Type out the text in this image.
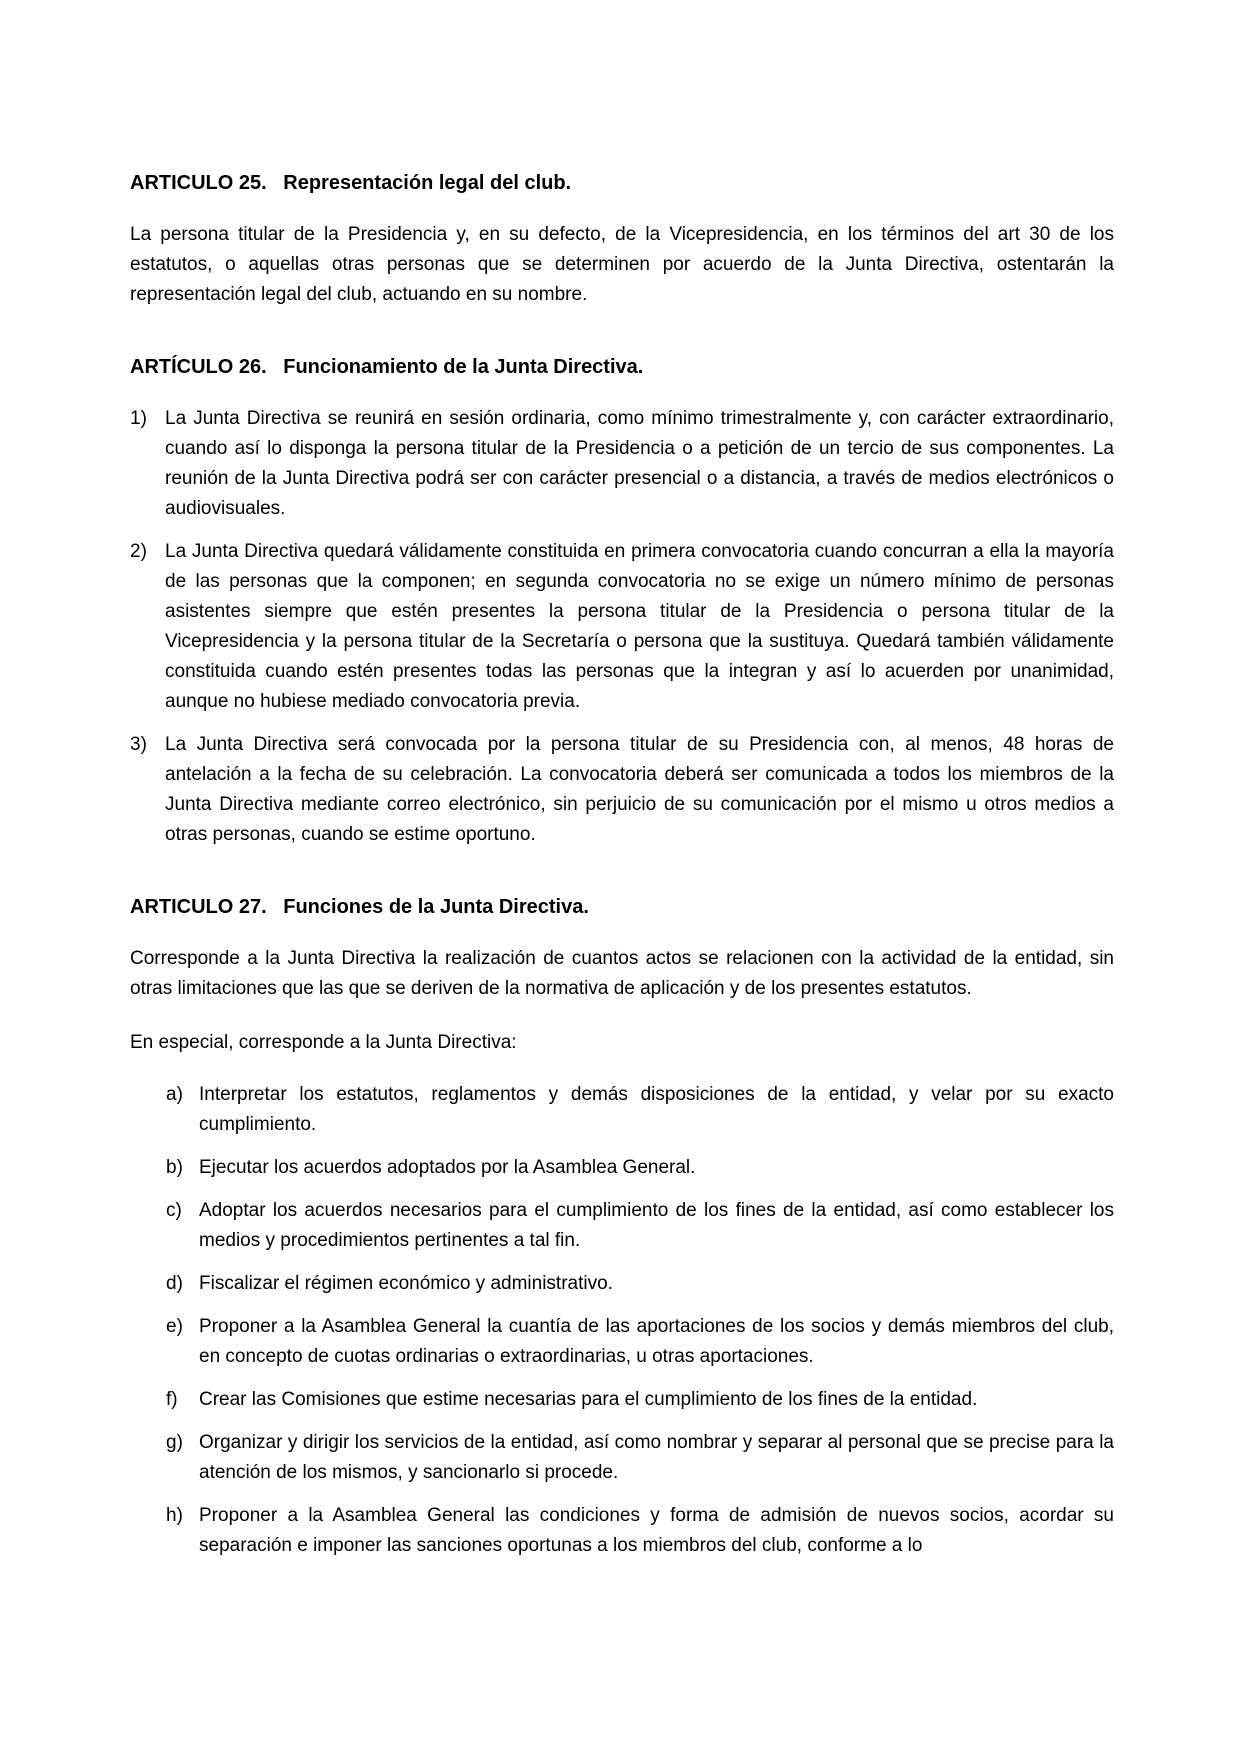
ARTICULO 25. Representación legal del club.

La persona titular de la Presidencia y, en su defecto, de la Vicepresidencia, en los términos del art 30 de los estatutos, o aquellas otras personas que se determinen por acuerdo de la Junta Directiva, ostentarán la representación legal del club, actuando en su nombre.

ARTÍCULO 26. Funcionamiento de la Junta Directiva.
1) La Junta Directiva se reunirá en sesión ordinaria, como mínimo trimestralmente y, con carácter extraordinario, cuando así lo disponga la persona titular de la Presidencia o a petición de un tercio de sus componentes. La reunión de la Junta Directiva podrá ser con carácter presencial o a distancia, a través de medios electrónicos o audiovisuales.
2) La Junta Directiva quedará válidamente constituida en primera convocatoria cuando concurran a ella la mayoría de las personas que la componen; en segunda convocatoria no se exige un número mínimo de personas asistentes siempre que estén presentes la persona titular de la Presidencia o persona titular de la Vicepresidencia y la persona titular de la Secretaría o persona que la sustituya. Quedará también válidamente constituida cuando estén presentes todas las personas que la integran y así lo acuerden por unanimidad, aunque no hubiese mediado convocatoria previa.
3) La Junta Directiva será convocada por la persona titular de su Presidencia con, al menos, 48 horas de antelación a la fecha de su celebración. La convocatoria deberá ser comunicada a todos los miembros de la Junta Directiva mediante correo electrónico, sin perjuicio de su comunicación por el mismo u otros medios a otras personas, cuando se estime oportuno.
ARTICULO 27. Funciones de la Junta Directiva.

Corresponde a la Junta Directiva la realización de cuantos actos se relacionen con la actividad de la entidad, sin otras limitaciones que las que se deriven de la normativa de aplicación y de los presentes estatutos.

En especial, corresponde a la Junta Directiva:

a) Interpretar los estatutos, reglamentos y demás disposiciones de la entidad, y velar por su exacto cumplimiento.
b) Ejecutar los acuerdos adoptados por la Asamblea General.
c) Adoptar los acuerdos necesarios para el cumplimiento de los fines de la entidad, así como establecer los medios y procedimientos pertinentes a tal fin.
d) Fiscalizar el régimen económico y administrativo.
e) Proponer a la Asamblea General la cuantía de las aportaciones de los socios y demás miembros del club, en concepto de cuotas ordinarias o extraordinarias, u otras aportaciones.
f)	Crear las Comisiones que estime necesarias para el cumplimiento de los fines de la entidad.
g) Organizar y dirigir los servicios de la entidad, así como nombrar y separar al personal que se precise para la atención de los mismos, y sancionarlo si procede.
h) Proponer a la Asamblea General las condiciones y forma de admisión de nuevos socios, acordar su separación e imponer las sanciones oportunas a los miembros del club, conforme a lo
